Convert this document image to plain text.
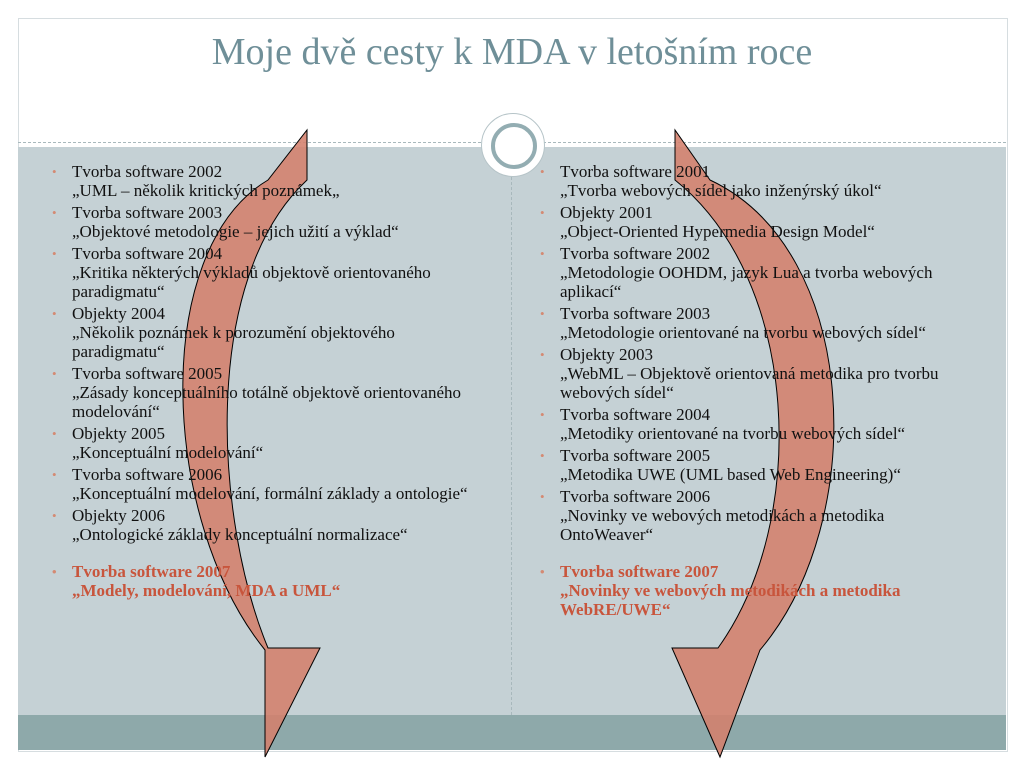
Moje dvě cesty k MDA v letošním roce
• Tvorba software 2002
„UML – několik kritických poznámek„
• Tvorba software 2003
„Objektové metodologie – jejich užití a výklad“
• Tvorba software 2004
„Kritika některých výkladů objektově orientovaného paradigmatu“
• Objekty 2004
„Několik poznámek k porozumění objektového paradigmatu“
• Tvorba software 2005
„Zásady konceptuálního totálně objektově orientovaného modelování“
• Objekty 2005
„Konceptuální modelování“
• Tvorba software 2006
„Konceptuální modelování, formální základy a ontologie“
• Objekty 2006
„Ontologické základy konceptuální normalizace“
• Tvorba software 2007
„Modely, modelování, MDA a UML“
• Tvorba software 2001
„Tvorba webových sídel jako inženýrský úkol“
• Objekty 2001
„Object-Oriented Hypermedia Design Model“
• Tvorba software 2002
„Metodologie OOHDM, jazyk Lua a tvorba webových aplikací“
• Tvorba software 2003
„Metodologie orientované na tvorbu webových sídel“
• Objekty 2003
„WebML – Objektově orientovaná metodika pro tvorbu webových sídel“
• Tvorba software 2004
„Metodiky orientované na tvorbu webových sídel“
• Tvorba software 2005
„Metodika UWE (UML based Web Engineering)“
• Tvorba software 2006
„Novinky ve webových metodikách a metodika OntoWeaver“
• Tvorba software 2007
„Novinky ve webových metodikách a metodika WebRE/UWE“
